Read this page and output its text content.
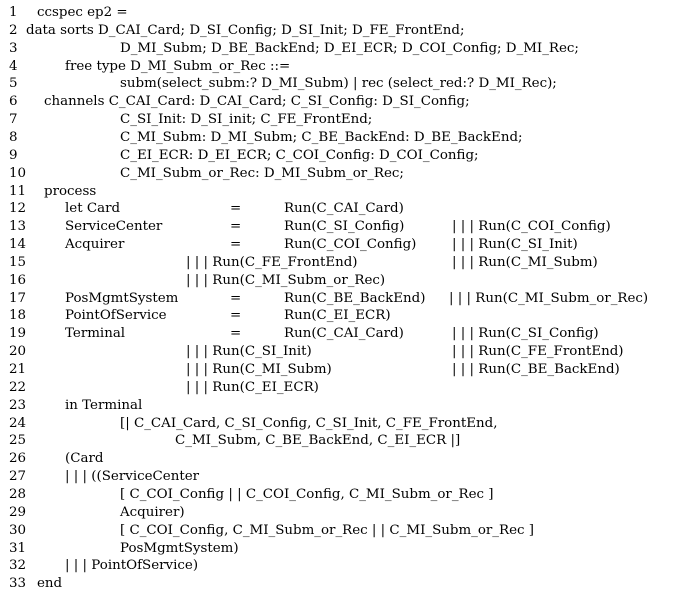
1 ccspec ep2 =
2 data sorts D_CAI_Card; D_SI_Config; D_SI_Init; D_FE_FrontEnd;
3	D_MI_Subm; D_BE_BackEnd; D_EI_ECR; D_COI_Config; D_MI_Rec;
4	free type D_MI_Subm_or_Rec ::=
5	subm(select_subm:? D_MI_Subm) | rec (select_red:? D_MI_Rec);
6 channels C_CAI_Card: D_CAI_Card; C_SI_Config: D_SI_Config;
7	C_SI_Init: D_SI_init; C_FE_FrontEnd;
8	C_MI_Subm: D_MI_Subm; C_BE_BackEnd: D_BE_BackEnd;
9	C_EI_ECR: D_EI_ECR; C_COI_Config: D_COI_Config;
10	C_MI_Subm_or_Rec: D_MI_Subm_or_Rec;
11 process
12	let Card	=	Run(C_CAI_Card)
13	ServiceCenter	=	Run(C_SI_Config)	| | | Run(C_COI_Config)
14	Acquirer	=	Run(C_COI_Config)	| | | Run(C_SI_Init)
15	| | | Run(C_FE_FrontEnd)	| | | Run(C_MI_Subm)
16	| | | Run(C_MI_Subm_or_Rec)
17	PosMgmtSystem	=	Run(C_BE_BackEnd) | | | Run(C_MI_Subm_or_Rec)
18	PointOfService	=	Run(C_EI_ECR)
19	Terminal	=	Run(C_CAI_Card)	| | | Run(C_SI_Config)
20	| | | Run(C_SI_Init)	| | | Run(C_FE_FrontEnd)
21	| | | Run(C_MI_Subm)	| | | Run(C_BE_BackEnd)
22	| | | Run(C_EI_ECR)
23	in Terminal
24	[| C_CAI_Card, C_SI_Config, C_SI_Init, C_FE_FrontEnd,
25	C_MI_Subm, C_BE_BackEnd, C_EI_ECR |]
26	(Card
27	| | | ((ServiceCenter
28	[ C_COI_Config | | C_COI_Config, C_MI_Subm_or_Rec ]
29	Acquirer)
30	[ C_COI_Config, C_MI_Subm_or_Rec | | C_MI_Subm_or_Rec ]
31	PosMgmtSystem)
32	| | | PointOfService)
33 end
